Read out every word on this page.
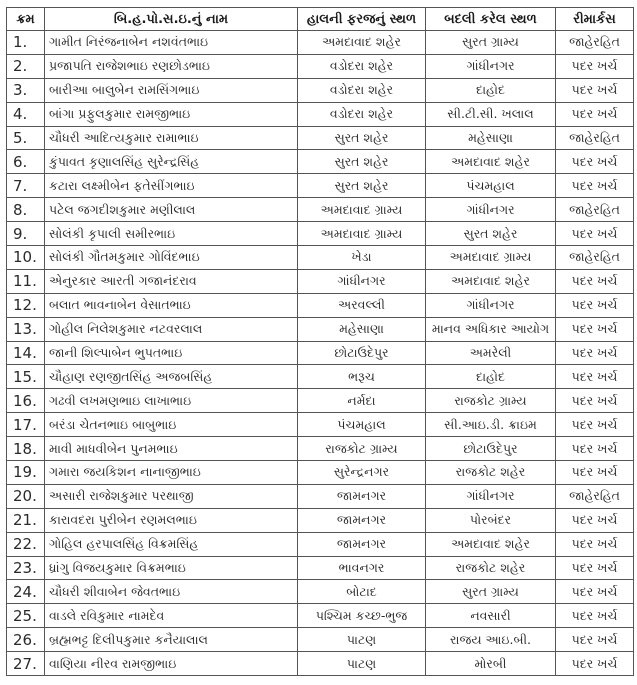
ક્રમ	બિ.હ.પો.સ.ઇ.નું નામ	હાલની ફરજનું સ્થળ	બદલી કરેલ સ્થળ	રીમાર્કસ
1.	ગામીત નિરંજનાબેન નશવંતભાઇ	અમદાવાદ શહેર	સુરત ગ્રામ્ય	જાહેરહિત
2.	પ્રજાપતિ રાજેશભાઇ રણછોડભાઇ	વડોદરા શહેર	ગાંધીનગર	પદર ખર્ચ
3.	બારીઆ બાલુબેન રામસિંગભાઇ	વડોદરા શહેર	દાહોદ	પદર ખર્ચ
4.	બાંગા પ્રફુલકુમાર રામજીભાઇ	વડોદરા શહેર	સી.ટી.સી. ખલાલ	પદર ખર્ચ
5.	ચૌધરી આદિત્યકુમાર રામાભાઇ	સુરત શહેર	મહેસાણા	જાહેરહિત
6.	કુંપાવત કૃણાલસિંહ સુરેન્દ્રસિંહ	સુરત શહેર	અમદાવાદ શહેર	પદર ખર્ચ
7.	કટારા લક્ષ્મીબેન ફતેસીંગભાઇ	સુરત શહેર	પંચમહાલ	પદર ખર્ચ
8.	પટેલ જગદીશકુમાર મણીલાલ	અમદાવાદ ગ્રામ્ય	ગાંધીનગર	જાહેરહિત
9.	સોલંકી કૃપાલી સમીરભાઇ	અમદાવાદ ગ્રામ્ય	સુરત શહેર	પદર ખર્ચ
10.	સોલંકી ગૌતમકુમાર ગોવિંદભાઇ	ખેડા	અમદાવાદ ગ્રામ્ય	જાહેરહિત
11.	એનુરકાર આરતી ગજાનંદરાવ	ગાંધીનગર	અમદાવાદ શહેર	પદર ખર્ચ
12.	બલાત ભાવનાબેન વેસાતભાઇ	અરવલ્લી	ગાંધીનગર	પદર ખર્ચ
13.	ગોહીલ નિલેશકુમાર નટવરલાલ	મહેસાણા	માનવ અધિકાર આયોગ	પદર ખર્ચ
14.	જાની શિલ્પાબેન ભુપતભાઇ	છોટાઉદેપુર	અમરેલી	પદર ખર્ચ
15.	ચૌહાણ રણજીતસિંહ અજબસિંહ	ભરૂચ	દાહોદ	પદર ખર્ચ
16.	ગઢવી લખમણભાઇ લાખાભાઇ	નર્મદા	રાજકોટ ગ્રામ્ય	પદર ખર્ચ
17.	બરંડા ચેતનભાઇ બાબુભાઇ	પંચમહાલ	સી.આઇ.ડી. ક્રાઇમ	પદર ખર્ચ
18.	માવી માધવીબેન પુનમભાઇ	રાજકોટ ગ્રામ્ય	છોટાઉદેપુર	પદર ખર્ચ
19.	ગમારા જયકિશન નાનાજીભાઇ	સુરેન્દ્રનગર	રાજકોટ શહેર	પદર ખર્ચ
20.	અસારી રાજેશકુમાર પરથાજી	જામનગર	ગાંધીનગર	જાહેરહિત
21.	કારાવદરા પુરીબેન રણમલભાઇ	જામનગર	પોરબંદર	પદર ખર્ચ
22.	ગોહિલ હરપાલસિંહ વિક્રમસિંહ	જામનગર	અમદાવાદ શહેર	પદર ખર્ચ
23.	ધ્રાંગુ વિજયકુમાર વિક્રમભાઇ	ભાવનગર	રાજકોટ શહેર	પદર ખર્ચ
24.	ચૌધરી શીવાબેન જેવતભાઇ	બોટાદ	સુરત ગ્રામ્ય	પદર ખર્ચ
25.	વાડલે રવિકુમાર નામદેવ	પશ્ચિમ કચ્છ-ભુજ	નવસારી	પદર ખર્ચ
26.	બ્રહ્મભટ્ટ દિલીપકુમાર કનૈયાલાલ	પાટણ	રાજય આઇ.બી.	પદર ખર્ચ
27.	વાણિયા નીરવ રામજીભાઇ	પાટણ	મોરબી	પદર ખર્ચ
